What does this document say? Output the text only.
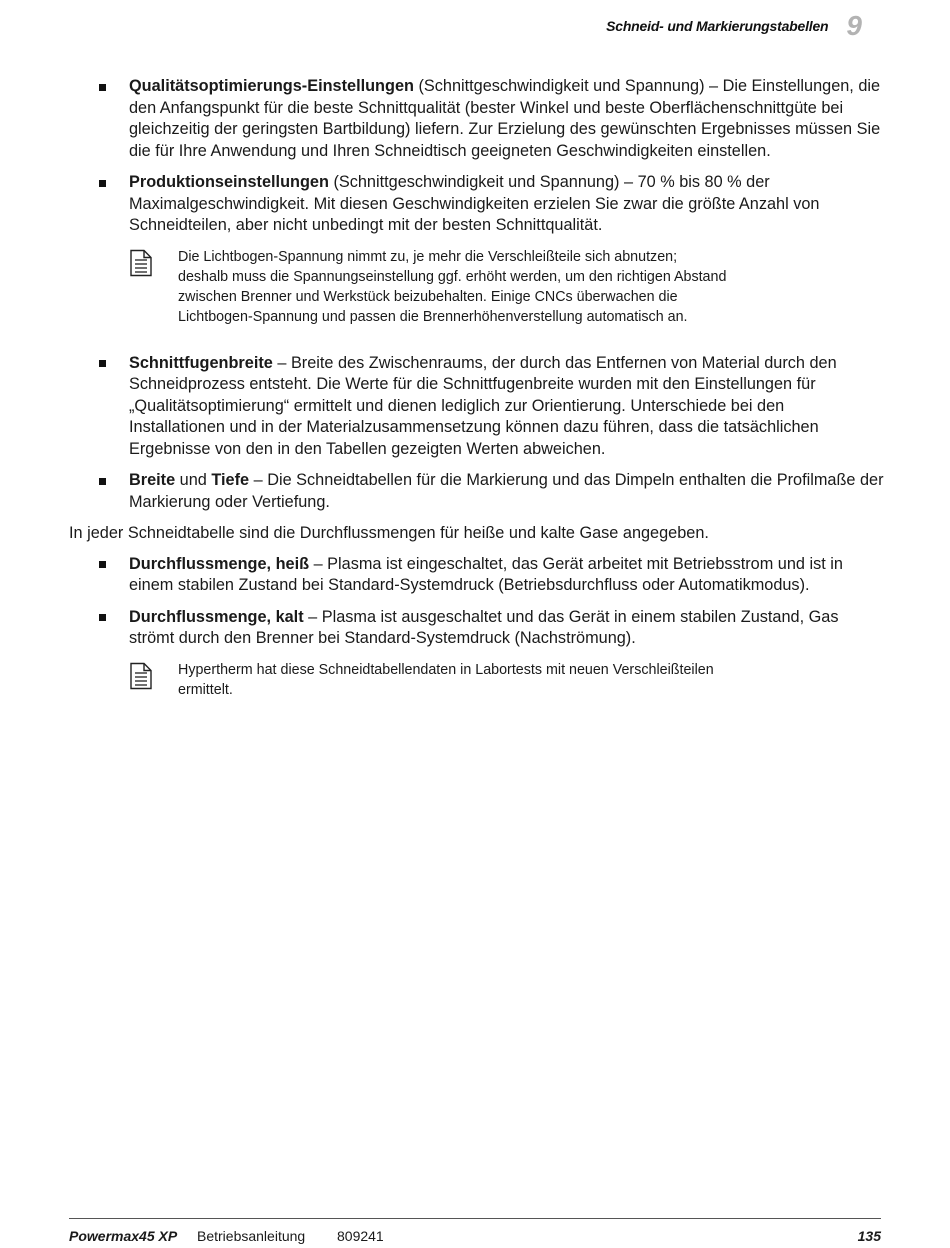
Schneid- und Markierungstabellen 9
Qualitätsoptimierungs-Einstellungen (Schnittgeschwindigkeit und Spannung) – Die Einstellungen, die den Anfangspunkt für die beste Schnittqualität (bester Winkel und beste Oberflächenschnittgüte bei gleichzeitig der geringsten Bartbildung) liefern. Zur Erzielung des gewünschten Ergebnisses müssen Sie die für Ihre Anwendung und Ihren Schneidtisch geeigneten Geschwindigkeiten einstellen.
Produktionseinstellungen (Schnittgeschwindigkeit und Spannung) – 70 % bis 80 % der Maximalgeschwindigkeit. Mit diesen Geschwindigkeiten erzielen Sie zwar die größte Anzahl von Schneidteilen, aber nicht unbedingt mit der besten Schnittqualität.
Die Lichtbogen-Spannung nimmt zu, je mehr die Verschleißteile sich abnutzen; deshalb muss die Spannungseinstellung ggf. erhöht werden, um den richtigen Abstand zwischen Brenner und Werkstück beizubehalten. Einige CNCs überwachen die Lichtbogen-Spannung und passen die Brennerhöhenverstellung automatisch an.
Schnittfugenbreite – Breite des Zwischenraums, der durch das Entfernen von Material durch den Schneidprozess entsteht. Die Werte für die Schnittfugenbreite wurden mit den Einstellungen für „Qualitätsoptimierung“ ermittelt und dienen lediglich zur Orientierung. Unterschiede bei den Installationen und in der Materialzusammensetzung können dazu führen, dass die tatsächlichen Ergebnisse von den in den Tabellen gezeigten Werten abweichen.
Breite und Tiefe – Die Schneidtabellen für die Markierung und das Dimpeln enthalten die Profilmaße der Markierung oder Vertiefung.

In jeder Schneidtabelle sind die Durchflussmengen für heiße und kalte Gase angegeben.

Durchflussmenge, heiß – Plasma ist eingeschaltet, das Gerät arbeitet mit Betriebsstrom und ist in einem stabilen Zustand bei Standard-Systemdruck (Betriebsdurchfluss oder Automatikmodus).
Durchflussmenge, kalt – Plasma ist ausgeschaltet und das Gerät in einem stabilen Zustand, Gas strömt durch den Brenner bei Standard-Systemdruck (Nachströmung).
Hypertherm hat diese Schneidtabellendaten in Labortests mit neuen Verschleißteilen ermittelt.
Powermax45 XP	Betriebsanleitung	809241	135
